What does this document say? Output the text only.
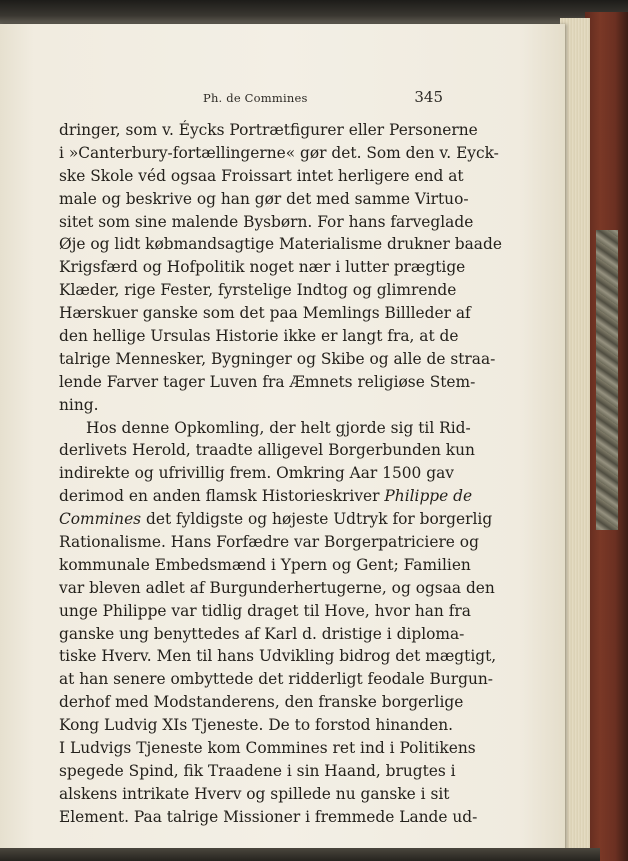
Ph. de Commines	345
dringer, som v. Éycks Portrætfigurer eller Personerne
i »Canterbury-fortællingerne« gør det. Som den v. Eyck-
ske Skole véd ogsaa Froissart intet herligere end at
male og beskrive og han gør det med samme Virtuo-
sitet som sine malende Bysbørn. For hans farveglade
Øje og lidt købmandsagtige Materialisme drukner baade
Krigsfærd og Hofpolitik noget nær i lutter prægtige
Klæder, rige Fester, fyrstelige Indtog og glimrende
Hærskuer ganske som det paa Memlings Billleder af
den hellige Ursulas Historie ikke er langt fra, at de
talrige Mennesker, Bygninger og Skibe og alle de straa-
lende Farver tager Luven fra Æmnets religiøse Stem-
ning.
Hos denne Opkomling, der helt gjorde sig til Rid-
derlivets Herold, traadte alligevel Borgerbunden kun
indirekte og ufrivillig frem. Omkring Aar 1500 gav
derimod en anden flamsk Historieskriver Philippe de
Commines det fyldigste og højeste Udtryk for borgerlig
Rationalisme. Hans Forfædre var Borgerpatriciere og
kommunale Embedsmænd i Ypern og Gent; Familien
var bleven adlet af Burgunderhertugerne, og ogsaa den
unge Philippe var tidlig draget til Hove, hvor han fra
ganske ung benyttedes af Karl d. dristige i diploma-
tiske Hverv. Men til hans Udvikling bidrog det mægtigt,
at han senere ombyttede det ridderligt feodale Burgun-
derhof med Modstanderens, den franske borgerlige
Kong Ludvig XIs Tjeneste. De to forstod hinanden.
I Ludvigs Tjeneste kom Commines ret ind i Politikens
spegede Spind, fik Traadene i sin Haand, brugtes i
alskens intrikate Hverv og spillede nu ganske i sit
Element. Paa talrige Missioner i fremmede Lande ud-
